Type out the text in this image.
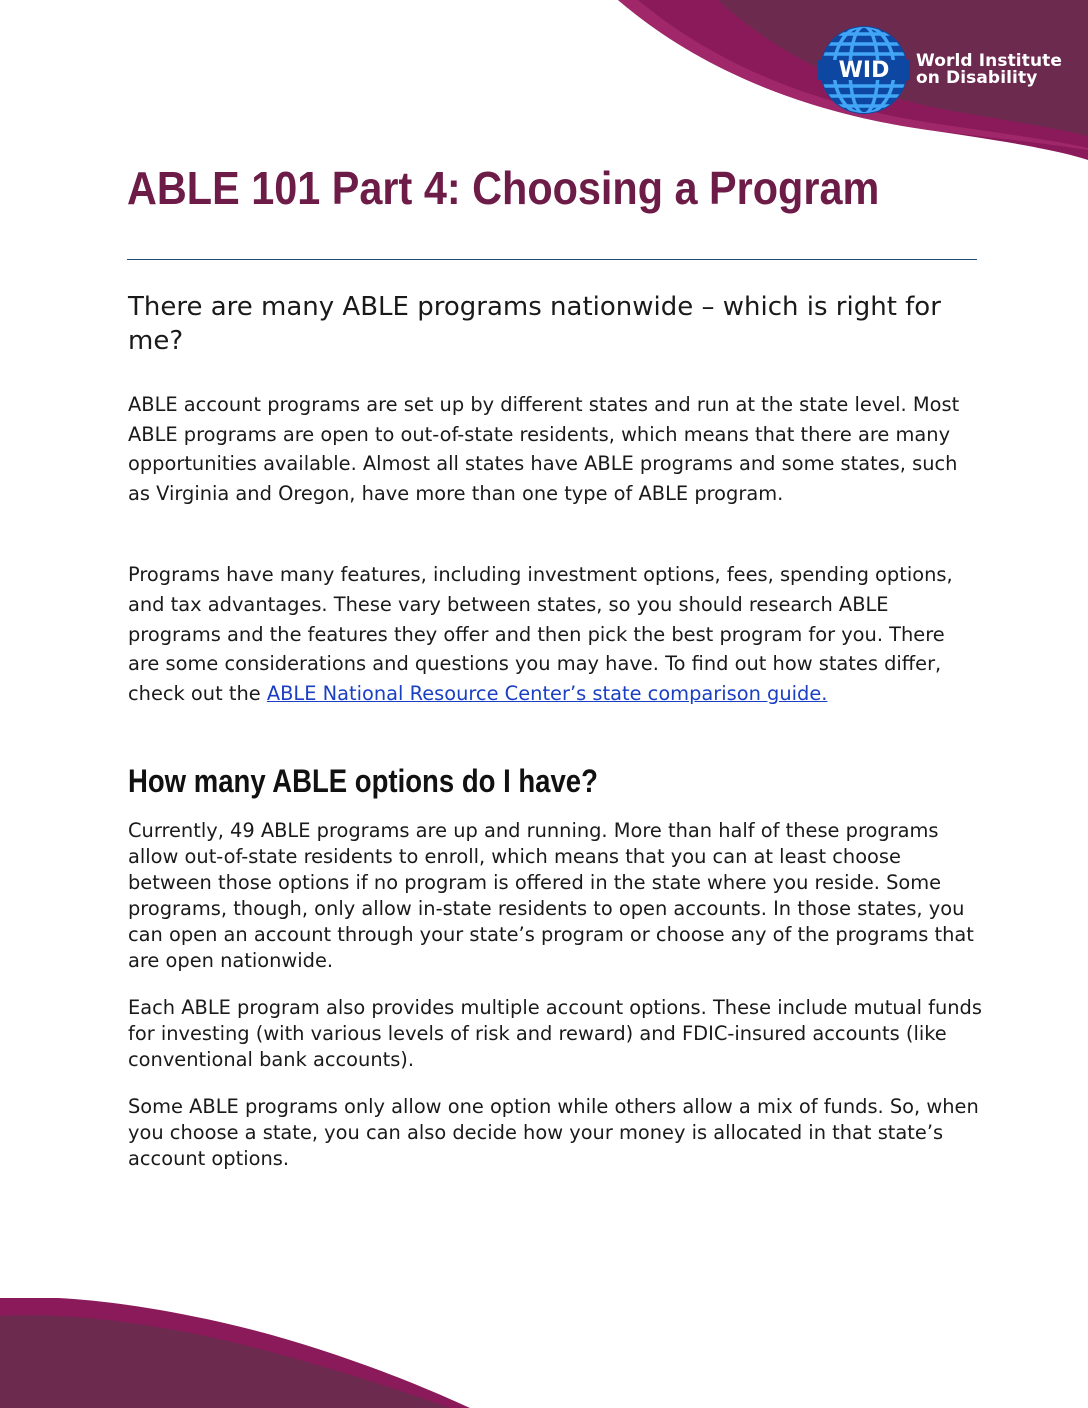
WID World Institute
on Disability
ABLE 101 Part 4: Choosing a Program
There are many ABLE programs nationwide – which is right for me?

ABLE account programs are set up by different states and run at the state level. Most ABLE programs are open to out-of-state residents, which means that there are many opportunities available. Almost all states have ABLE programs and some states, such as Virginia and Oregon, have more than one type of ABLE program.

Programs have many features, including investment options, fees, spending options, and tax advantages. These vary between states, so you should research ABLE programs and the features they offer and then pick the best program for you. There are some considerations and questions you may have. To find out how states differ, check out the ABLE National Resource Center’s state comparison guide.

How many ABLE options do I have?

Currently, 49 ABLE programs are up and running. More than half of these programs allow out-of-state residents to enroll, which means that you can at least choose between those options if no program is offered in the state where you reside. Some programs, though, only allow in-state residents to open accounts. In those states, you can open an account through your state’s program or choose any of the programs that are open nationwide.

Each ABLE program also provides multiple account options. These include mutual funds for investing (with various levels of risk and reward) and FDIC-insured accounts (like conventional bank accounts).

Some ABLE programs only allow one option while others allow a mix of funds. So, when you choose a state, you can also decide how your money is allocated in that state’s account options.
